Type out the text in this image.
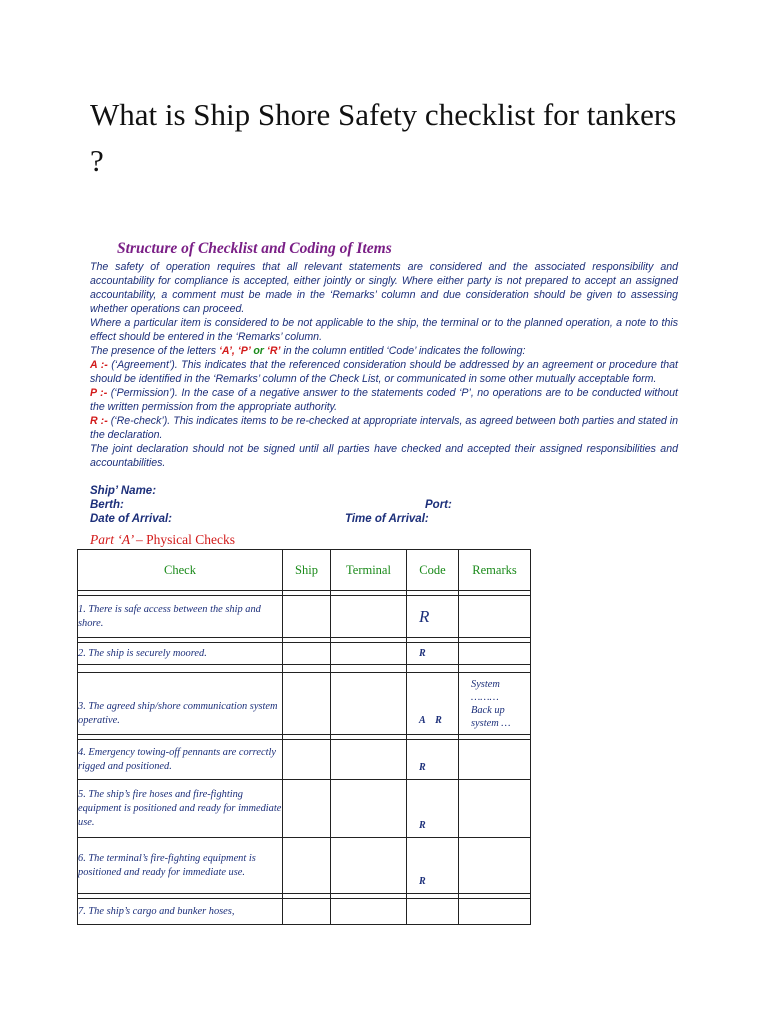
What is Ship Shore Safety checklist for tankers ?
Structure of Checklist and Coding of Items

The safety of operation requires that all relevant statements are considered and the associated responsibility and accountability for compliance is accepted, either jointly or singly. Where either party is not prepared to accept an assigned accountability, a comment must be made in the ‘Remarks’ column and due consideration should be given to assessing whether operations can proceed.

Where a particular item is considered to be not applicable to the ship, the terminal or to the planned operation, a note to this effect should be entered in the ‘Remarks’ column.

The presence of the letters ‘A’, ‘P’ or ‘R’ in the column entitled ‘Code’ indicates the following:

A :- (‘Agreement’). This indicates that the referenced consideration should be addressed by an agreement or procedure that should be identified in the ‘Remarks’ column of the Check List, or communicated in some other mutually acceptable form.

P :- (‘Permission’). In the case of a negative answer to the statements coded ‘P’, no operations are to be conducted without the written permission from the appropriate authority.

R :- (‘Re-check’). This indicates items to be re-checked at appropriate intervals, as agreed between both parties and stated in the declaration.

The joint declaration should not be signed until all parties have checked and accepted their assigned responsibilities and accountabilities.

Ship’ Name:
Berth:	Port:
Date of Arrival:	Time of Arrival:
Part ‘A’ – Physical Checks
Check	Ship	Terminal	Code	Remarks

1. There is safe access between the ship and shore.			R	

2. The ship is securely moored.			R	

3. The agreed ship/shore communication system operative.			A    R	System
………
Back up
system …

4. Emergency towing-off pennants are correctly rigged and positioned.			R	
5. The ship’s fire hoses and fire-fighting equipment is positioned and ready for immediate use.			R	
6. The terminal’s fire-fighting equipment is positioned and ready for immediate use.			R	

7. The ship’s cargo and bunker hoses,				
